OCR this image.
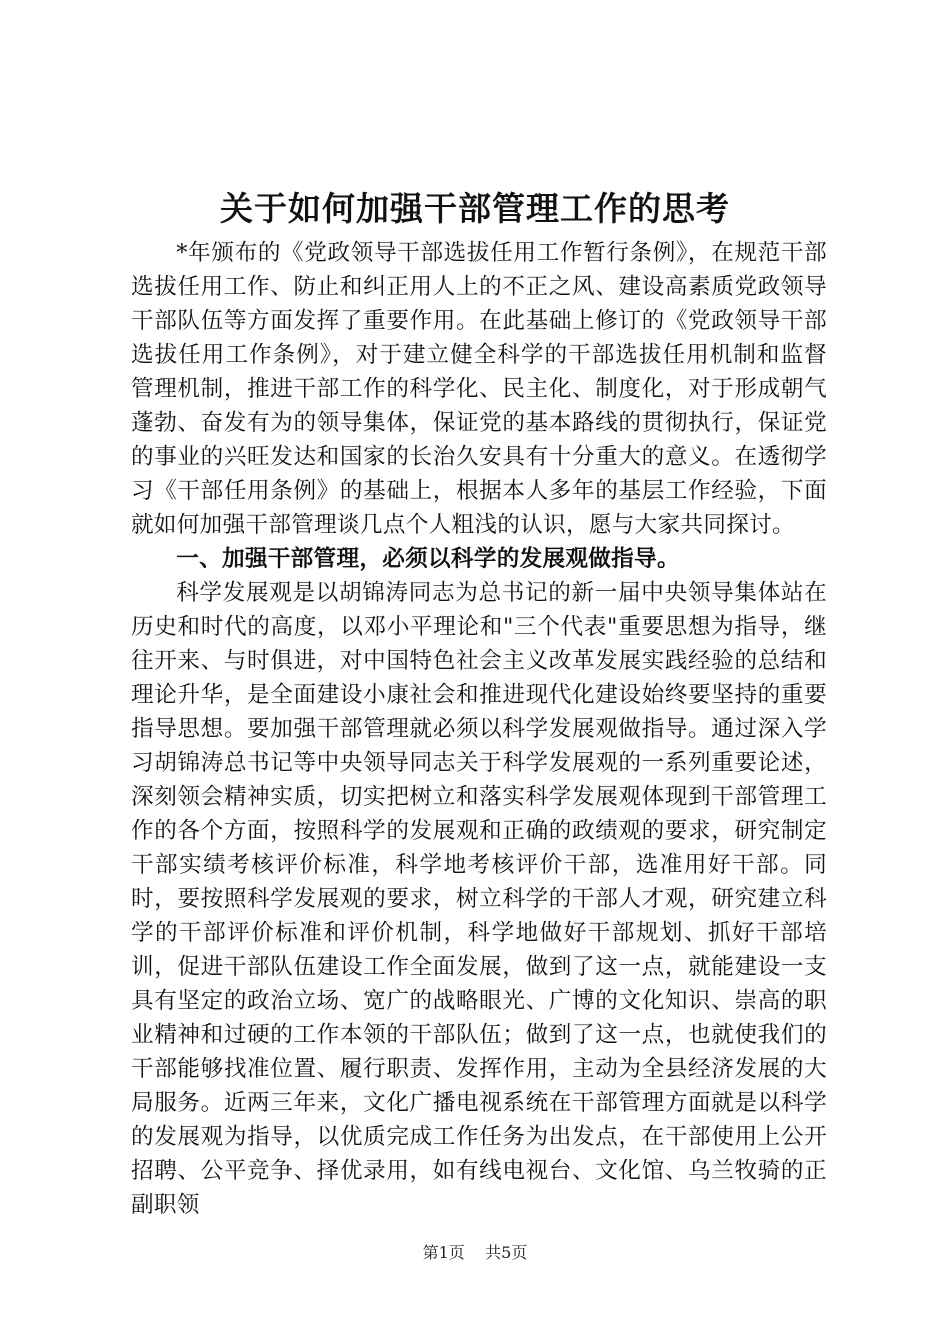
关于如何加强干部管理工作的思考

*年颁布的《党政领导干部选拔任用工作暂行条例》，在规范干部选拔任用工作、防止和纠正用人上的不正之风、建设高素质党政领导干部队伍等方面发挥了重要作用。在此基础上修订的《党政领导干部选拔任用工作条例》，对于建立健全科学的干部选拔任用机制和监督管理机制，推进干部工作的科学化、民主化、制度化，对于形成朝气蓬勃、奋发有为的领导集体，保证党的基本路线的贯彻执行，保证党的事业的兴旺发达和国家的长治久安具有十分重大的意义。在透彻学习《干部任用条例》的基础上，根据本人多年的基层工作经验，下面就如何加强干部管理谈几点个人粗浅的认识，愿与大家共同探讨。

一、加强干部管理，必须以科学的发展观做指导。

科学发展观是以胡锦涛同志为总书记的新一届中央领导集体站在历史和时代的高度，以邓小平理论和"三个代表"重要思想为指导，继往开来、与时俱进，对中国特色社会主义改革发展实践经验的总结和理论升华，是全面建设小康社会和推进现代化建设始终要坚持的重要指导思想。要加强干部管理就必须以科学发展观做指导。通过深入学习胡锦涛总书记等中央领导同志关于科学发展观的一系列重要论述，深刻领会精神实质，切实把树立和落实科学发展观体现到干部管理工作的各个方面，按照科学的发展观和正确的政绩观的要求，研究制定干部实绩考核评价标准，科学地考核评价干部，选准用好干部。同时，要按照科学发展观的要求，树立科学的干部人才观，研究建立科学的干部评价标准和评价机制，科学地做好干部规划、抓好干部培训，促进干部队伍建设工作全面发展，做到了这一点，就能建设一支具有坚定的政治立场、宽广的战略眼光、广博的文化知识、崇高的职业精神和过硬的工作本领的干部队伍；做到了这一点，也就使我们的干部能够找准位置、履行职责、发挥作用，主动为全县经济发展的大局服务。近两三年来，文化广播电视系统在干部管理方面就是以科学的发展观为指导，以优质完成工作任务为出发点，在干部使用上公开招聘、公平竞争、择优录用，如有线电视台、文化馆、乌兰牧骑的正副职领

第1页 共5页
